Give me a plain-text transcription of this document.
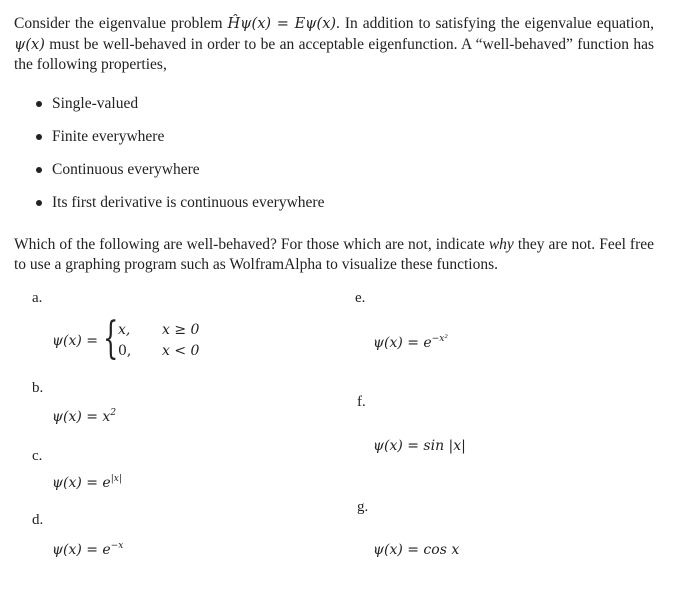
Consider the eigenvalue problem Ĥψ(x) = Eψ(x). In addition to satisfying the eigenvalue equation, ψ(x) must be well-behaved in order to be an acceptable eigenfunction. A “well-behaved” function has the following properties,
Single-valued
Finite everywhere
Continuous everywhere
Its first derivative is continuous everywhere
Which of the following are well-behaved? For those which are not, indicate why they are not. Feel free to use a graphing program such as WolframAlpha to visualize these functions.
a.
ψ(x) = { x, x ≥ 0
0, x < 0
b.
$\psi(x) = x^2$
c.
$\psi(x) = e^{|x|}$
d.
$\psi(x) = e^{-x}$
e.
$\psi(x) = e^{-x^2}$
f.
ψ(x) = sin |x|
g.
ψ(x) = cos x
